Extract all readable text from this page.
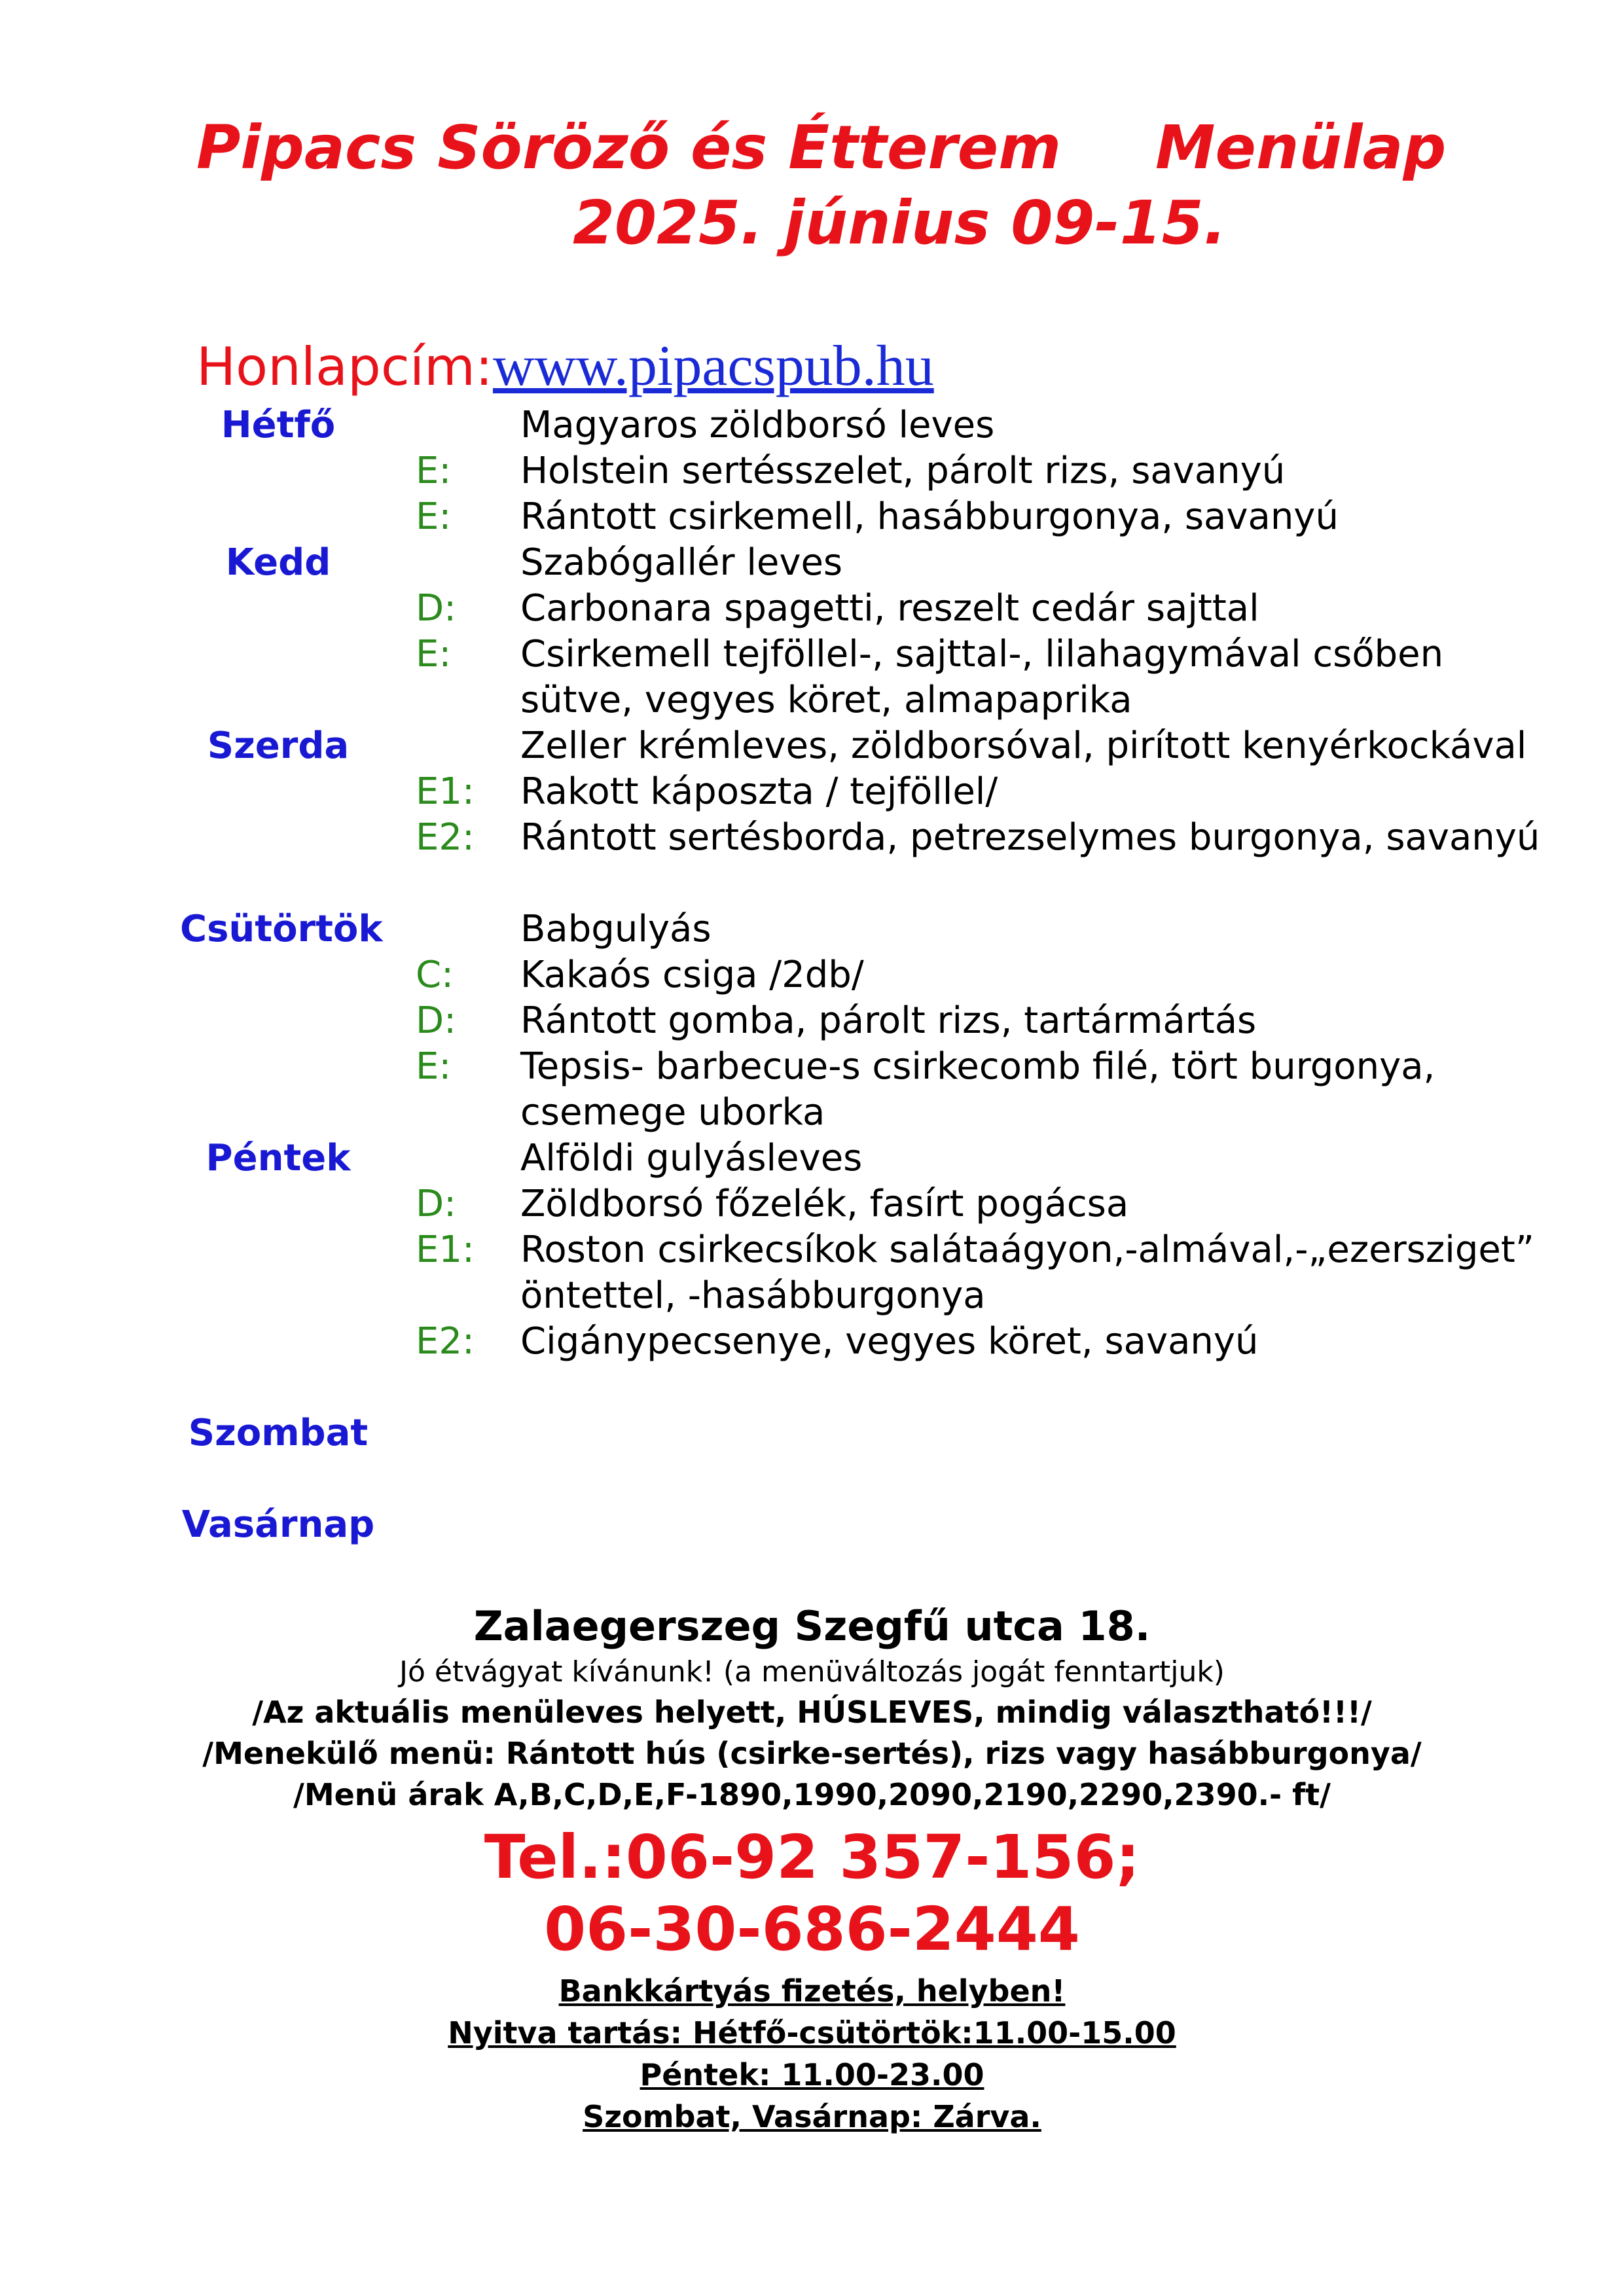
Pipacs Söröző és Étterem Menülap
2025. június 09-15.
Honlapcím:www.pipacspub.hu
Hétfő	Magyaros zöldborsó leves
E: Holstein sertésszelet, párolt rizs, savanyú
E: Rántott csirkemell, hasábburgonya, savanyú
Kedd	Szabógallér leves
D: Carbonara spagetti, reszelt cedár sajttal
E: Csirkemell tejföllel-, sajttal-, lilahagymával csőben sütve, vegyes köret, almapaprika
Szerda	Zeller krémleves, zöldborsóval, pirított kenyérkockával
E1: Rakott káposzta / tejföllel/
E2: Rántott sertésborda, petrezselymes burgonya, savanyú
Csütörtök	Babgulyás
C: Kakaós csiga /2db/
D: Rántott gomba, párolt rizs, tartármártás
E: Tepsis- barbecue-s csirkecomb filé, tört burgonya, csemege uborka
Péntek	Alföldi gulyásleves
D: Zöldborsó főzelék, fasírt pogácsa
E1: Roston csirkecsíkok salátaágyon,-almával,-„ezersziget” öntettel, -hasábburgonya
E2: Cigánypecsenye, vegyes köret, savanyú
Szombat
Vasárnap
Zalaegerszeg Szegfű utca 18.
Jó étvágyat kívánunk! (a menüváltozás jogát fenntartjuk)
/Az aktuális menüleves helyett, HÚSLEVES, mindig választható!!!/
/Menekülő menü: Rántott hús (csirke-sertés), rizs vagy hasábburgonya/
/Menü árak A,B,C,D,E,F-1890,1990,2090,2190,2290,2390.- ft/
Tel.:06-92 357-156;
06-30-686-2444
Bankkártyás fizetés, helyben!
Nyitva tartás: Hétfő-csütörtök:11.00-15.00
Péntek: 11.00-23.00
Szombat, Vasárnap: Zárva.
